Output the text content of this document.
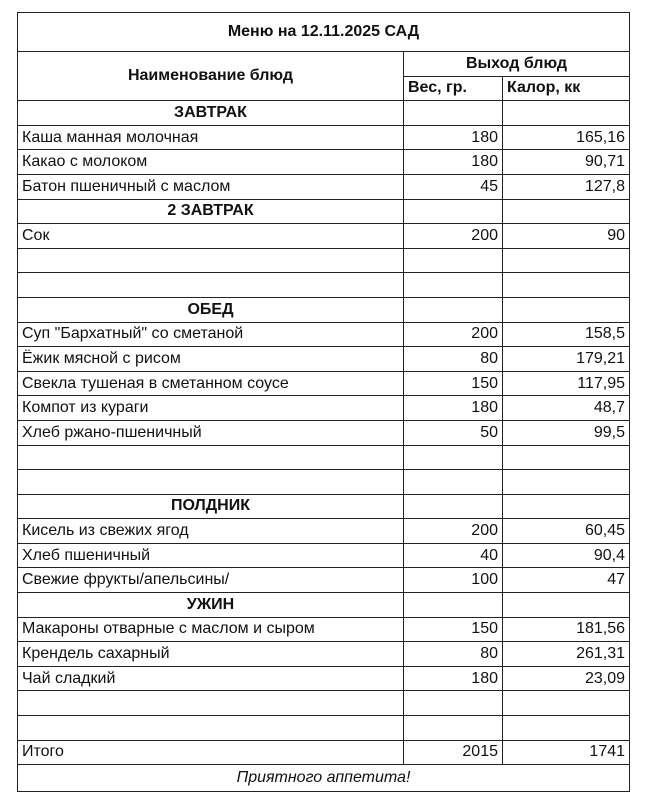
Меню на 12.11.2025 САД		
Наименование блюд	Выход блюд	
	Вес, гр.	Калор, кк
ЗАВТРАК		
Каша манная молочная	180	165,16
Какао с молоком	180	90,71
Батон пшеничный с маслом	45	127,8
2 ЗАВТРАК		
Сок	200	90

ОБЕД		
Суп "Бархатный" со сметаной	200	158,5
Ёжик мясной с рисом	80	179,21
Свекла тушеная в сметанном соусе	150	117,95
Компот из кураги	180	48,7
Хлеб ржано-пшеничный	50	99,5

ПОЛДНИК		
Кисель из свежих ягод	200	60,45
Хлеб пшеничный	40	90,4
Свежие фрукты/апельсины/	100	47
УЖИН		
Макароны отварные с маслом и сыром	150	181,56
Крендель сахарный	80	261,31
Чай сладкий	180	23,09

Итого	2015	1741
Приятного аппетита!		
